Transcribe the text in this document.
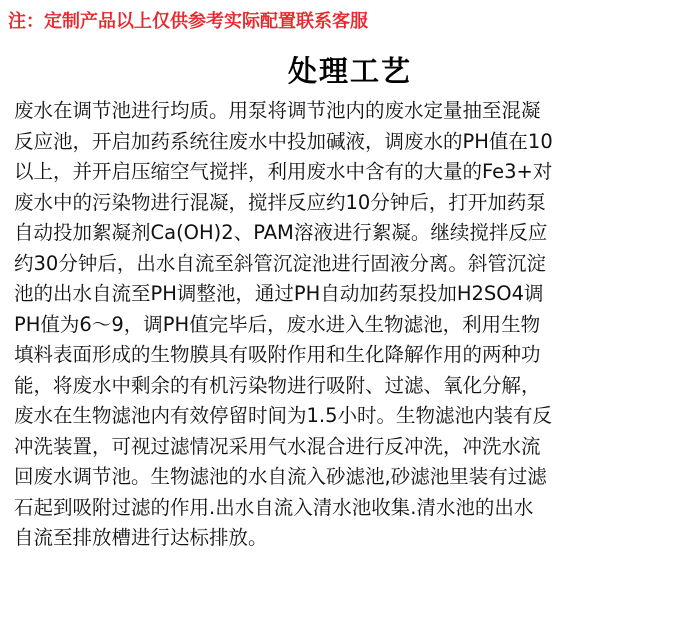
注：定制产品以上仅供参考实际配置联系客服
处理工艺
废水在调节池进行均质。用泵将调节池内的废水定量抽至混凝
反应池，开启加药系统往废水中投加碱液，调废水的PH值在10
以上，并开启压缩空气搅拌，利用废水中含有的大量的Fe3+对
废水中的污染物进行混凝，搅拌反应约10分钟后，打开加药泵
自动投加絮凝剂Ca(OH)2、PAM溶液进行絮凝。继续搅拌反应
约30分钟后，出水自流至斜管沉淀池进行固液分离。斜管沉淀
池的出水自流至PH调整池，通过PH自动加药泵投加H2SO4调
PH值为6～9，调PH值完毕后，废水进入生物滤池，利用生物
填料表面形成的生物膜具有吸附作用和生化降解作用的两种功
能，将废水中剩余的有机污染物进行吸附、过滤、氧化分解，
废水在生物滤池内有效停留时间为1.5小时。生物滤池内装有反
冲洗装置，可视过滤情况采用气水混合进行反冲洗，冲洗水流
回废水调节池。生物滤池的水自流入砂滤池,砂滤池里装有过滤
石起到吸附过滤的作用.出水自流入清水池收集.清水池的出水
自流至排放槽进行达标排放。
